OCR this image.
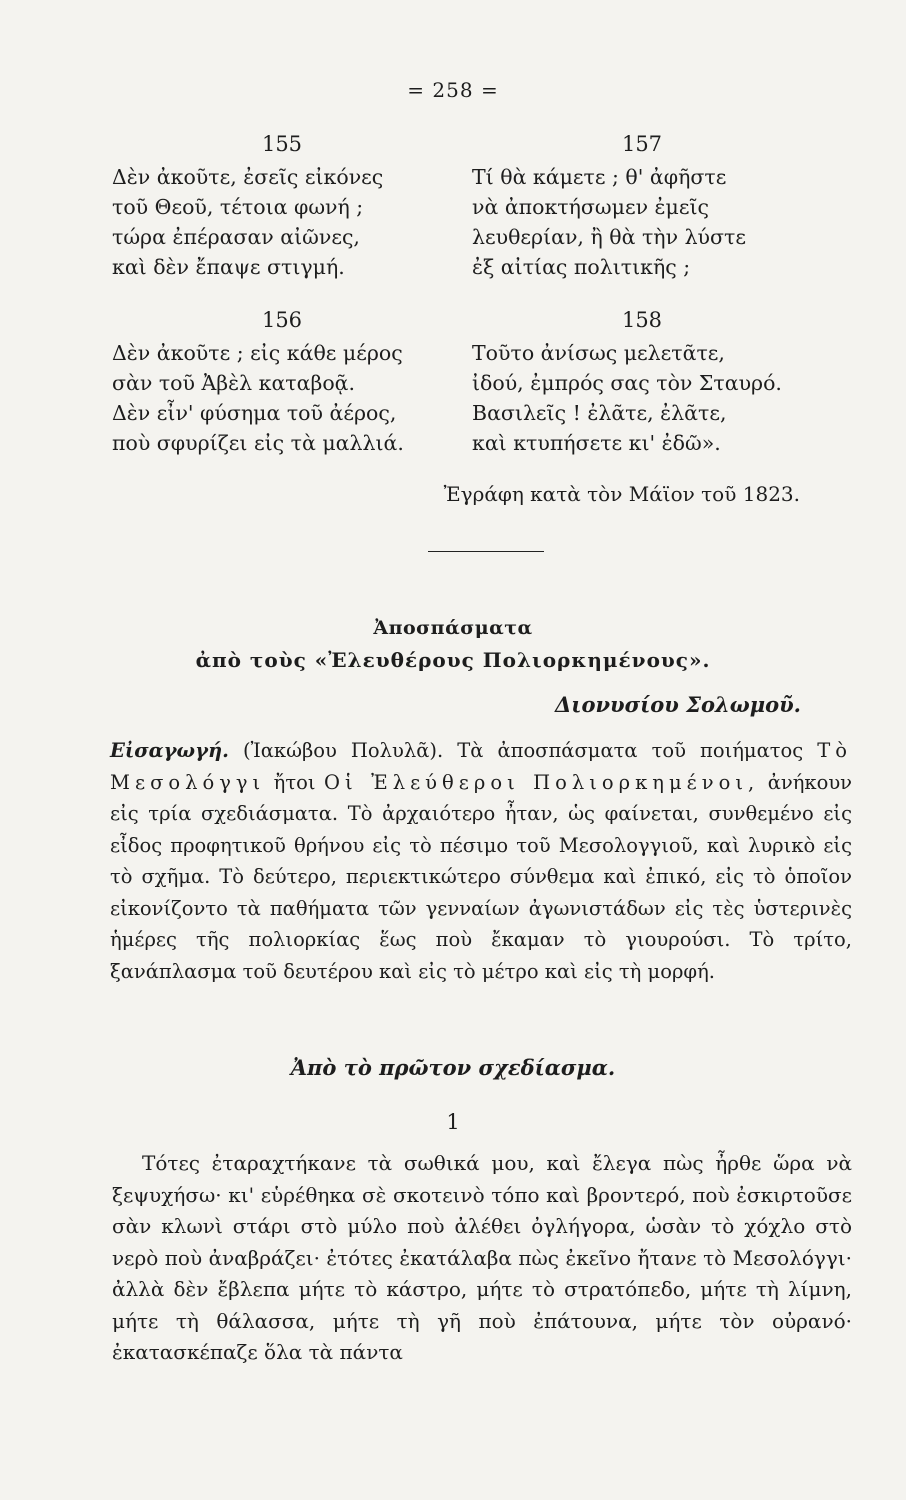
= 258 =
155
Δὲν ἀκοῦτε, ἐσεῖς εἰκόνες
τοῦ Θεοῦ, τέτοια φωνή ;
τώρα ἐπέρασαν αἰῶνες,
καὶ δὲν ἔπαψε στιγμή.
157
Τί θὰ κάμετε ; θ' ἀφῆστε
νὰ ἀποκτήσωμεν ἐμεῖς
λευθερίαν, ἢ θὰ τὴν λύστε
ἐξ αἰτίας πολιτικῆς ;
156
Δὲν ἀκοῦτε ; εἰς κάθε μέρος
σὰν τοῦ Ἀβὲλ καταβοᾷ.
Δὲν εἶν' φύσημα τοῦ ἀέρος,
ποὺ σφυρίζει εἰς τὰ μαλλιά.
158
Τοῦτο ἀνίσως μελετᾶτε,
ἰδού, ἐμπρός σας τὸν Σταυρό.
Βασιλεῖς ! ἐλᾶτε, ἐλᾶτε,
καὶ κτυπήσετε κι' ἐδῶ».
Ἐγράφη κατὰ τὸν Μάϊον τοῦ 1823.
Ἀποσπάσματα
ἀπὸ τοὺς «Ἐλευθέρους Πολιορκημένους».
Διονυσίου Σολωμοῦ.
Εἰσαγωγή. (Ἰακώβου Πολυλᾶ). Τὰ ἀποσπάσματα τοῦ ποιήματος Τὸ Μεσολόγγι ἤτοι Οἱ Ἐλεύθεροι Πολιορκημένοι, ἀνήκουν εἰς τρία σχεδιάσματα. Τὸ ἀρχαιότερο ἦταν, ὡς φαίνεται, συνθεμένο εἰς εἶδος προφητικοῦ θρήνου εἰς τὸ πέσιμο τοῦ Μεσολογγιοῦ, καὶ λυρικὸ εἰς τὸ σχῆμα. Τὸ δεύτερο, περιεκτικώτερο σύνθεμα καὶ ἐπικό, εἰς τὸ ὁποῖον εἰκονίζοντο τὰ παθήματα τῶν γενναίων ἀγωνιστάδων εἰς τὲς ὑστερινὲς ἡμέρες τῆς πολιορκίας ἕως ποὺ ἔκαμαν τὸ γιουρούσι. Τὸ τρίτο, ξανάπλασμα τοῦ δευτέρου καὶ εἰς τὸ μέτρο καὶ εἰς τὴ μορφή.
Ἀπὸ τὸ πρῶτον σχεδίασμα.
1
Τότες ἐταραχτήκανε τὰ σωθικά μου, καὶ ἔλεγα πὼς ἦρθε ὥρα νὰ ξεψυχήσω· κι' εὑρέθηκα σὲ σκοτεινὸ τόπο καὶ βροντερό, ποὺ ἐσκιρτοῦσε σὰν κλωνὶ στάρι στὸ μύλο ποὺ ἀλέθει ὀγλήγορα, ὡσὰν τὸ χόχλο στὸ νερὸ ποὺ ἀναβράζει· ἐτότες ἐκατάλαβα πὼς ἐκεῖνο ἤτανε τὸ Μεσολόγγι· ἀλλὰ δὲν ἔβλεπα μήτε τὸ κάστρο, μήτε τὸ στρατόπεδο, μήτε τὴ λίμνη, μήτε τὴ θάλασσα, μήτε τὴ γῆ ποὺ ἐπάτουνα, μήτε τὸν οὐρανό· ἐκατασκέπαζε ὅλα τὰ πάντα
